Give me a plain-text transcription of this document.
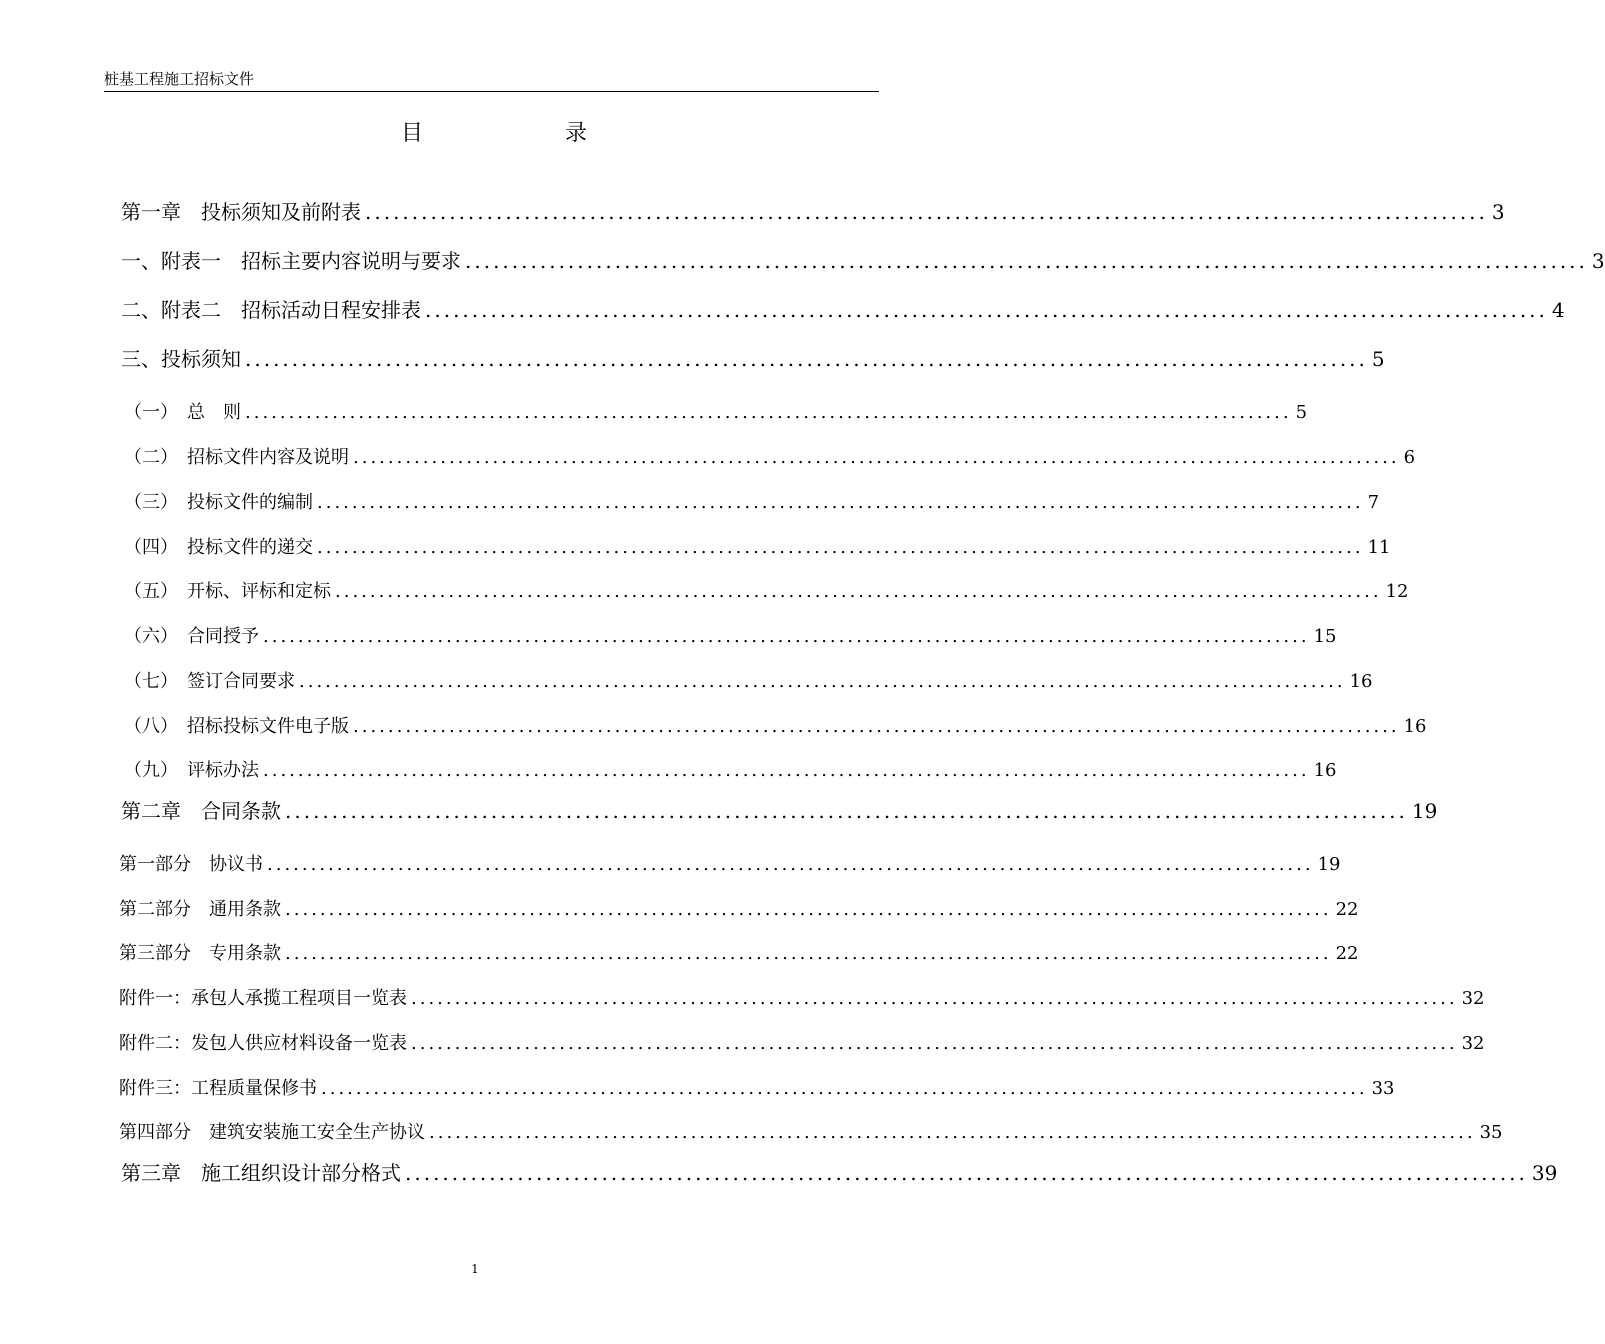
桩基工程施工招标文件
目　录
第一章　投标须知及前附表 ........................................................................................................................ 3
一、附表一　招标主要内容说明与要求 ........................................................................................................................ 3
二、附表二　招标活动日程安排表 ........................................................................................................................ 4
三、投标须知 ........................................................................................................................ 5
（一）　总　则 ........................................................................................................................ 5
（二）　招标文件内容及说明 ........................................................................................................................ 6
（三）　投标文件的编制 ........................................................................................................................ 7
（四）　投标文件的递交 ........................................................................................................................ 11
（五）　开标、评标和定标 ........................................................................................................................ 12
（六）　合同授予 ........................................................................................................................ 15
（七）　签订合同要求 ........................................................................................................................ 16
（八）　招标投标文件电子版 ........................................................................................................................ 16
（九）　评标办法 ........................................................................................................................ 16
第二章　合同条款 ........................................................................................................................ 19
第一部分　协议书 ........................................................................................................................ 19
第二部分　通用条款 ........................................................................................................................ 22
第三部分　专用条款 ........................................................................................................................ 22
附件一：承包人承揽工程项目一览表 ........................................................................................................................ 32
附件二：发包人供应材料设备一览表 ........................................................................................................................ 32
附件三：工程质量保修书 ........................................................................................................................ 33
第四部分　建筑安装施工安全生产协议 ........................................................................................................................ 35
第三章　施工组织设计部分格式 ........................................................................................................................ 39
1
